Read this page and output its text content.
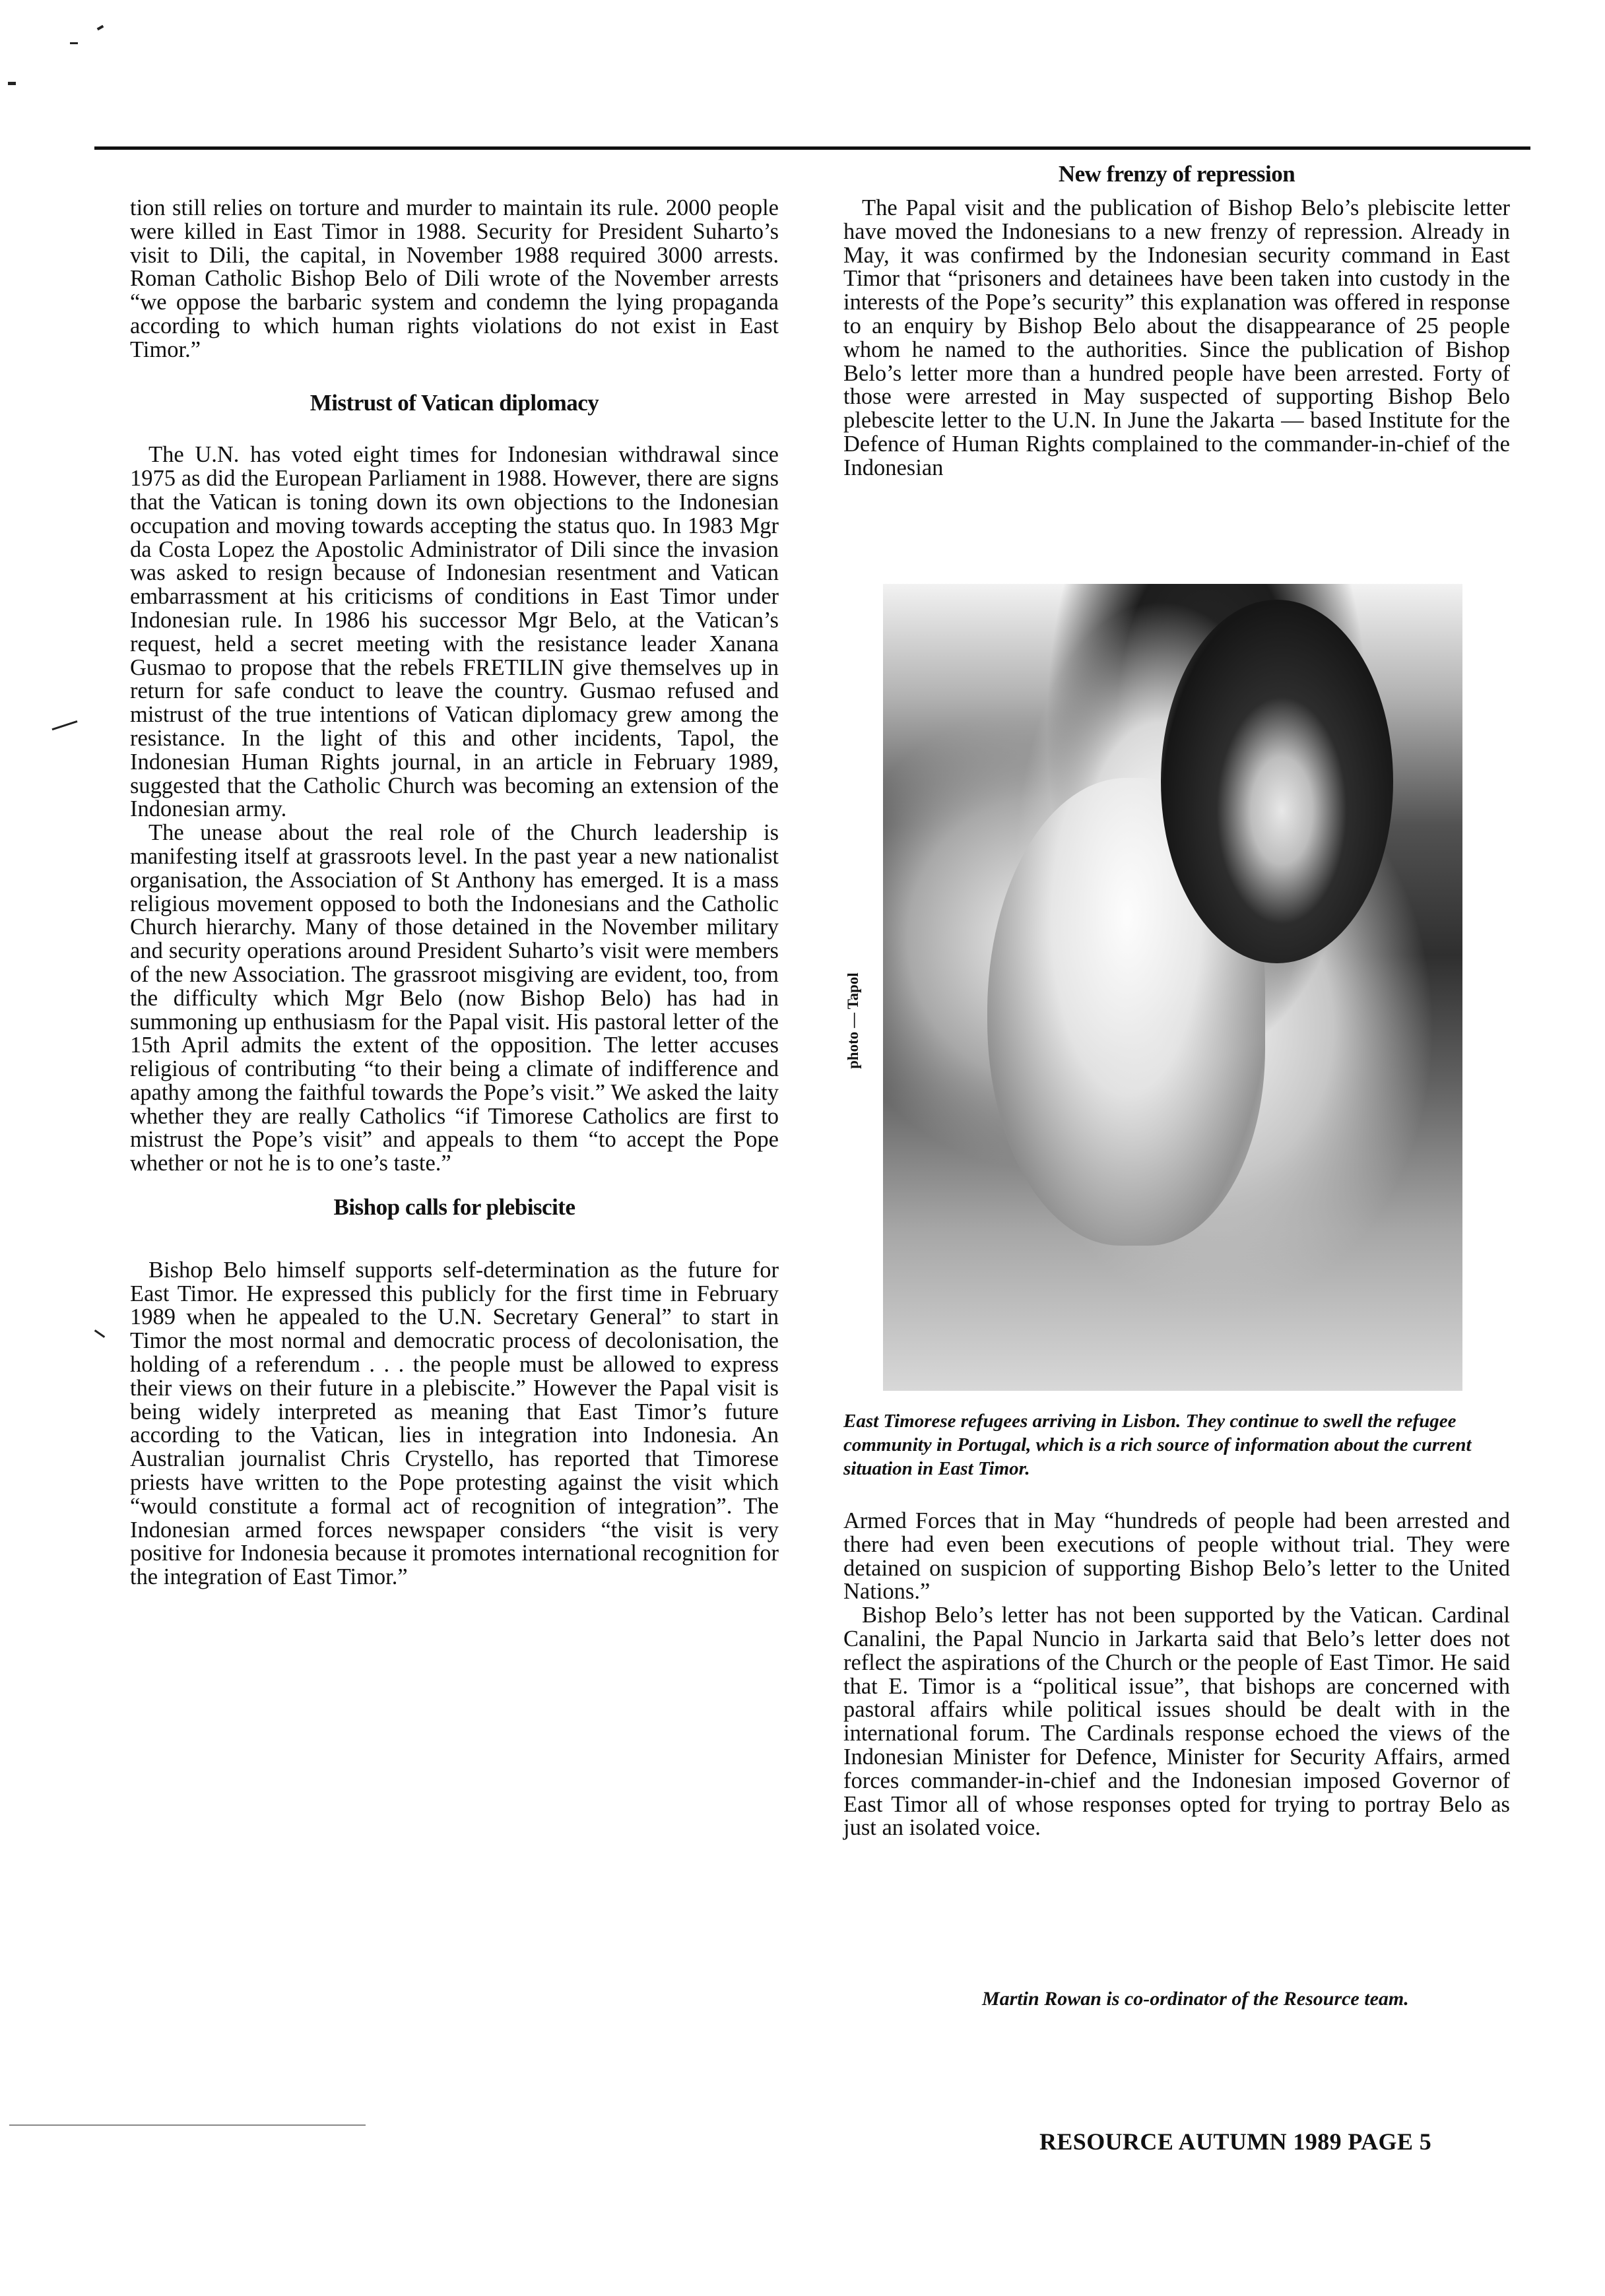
tion still relies on torture and murder to maintain its rule. 2000 people were killed in East Timor in 1988. Security for President Suharto’s visit to Dili, the capital, in November 1988 required 3000 arrests. Roman Catholic Bishop Belo of Dili wrote of the November arrests “we oppose the barbaric system and condemn the lying propaganda according to which human rights violations do not exist in East Timor.”

Mistrust of Vatican diplomacy

The U.N. has voted eight times for Indonesian withdrawal since 1975 as did the European Parliament in 1988. However, there are signs that the Vatican is toning down its own objections to the Indonesian occupation and moving towards accepting the status quo. In 1983 Mgr da Costa Lopez the Apostolic Administrator of Dili since the invasion was asked to resign because of Indonesian resentment and Vatican embarrassment at his criticisms of conditions in East Timor under Indonesian rule. In 1986 his successor Mgr Belo, at the Vatican’s request, held a secret meeting with the resistance leader Xanana Gusmao to propose that the rebels FRETILIN give themselves up in return for safe conduct to leave the country. Gusmao refused and mistrust of the true intentions of Vatican diplomacy grew among the resistance. In the light of this and other incidents, Tapol, the Indonesian Human Rights journal, in an article in February 1989, suggested that the Catholic Church was becoming an extension of the Indonesian army.

The unease about the real role of the Church leadership is manifesting itself at grassroots level. In the past year a new nationalist organisation, the Association of St Anthony has emerged. It is a mass religious movement opposed to both the Indonesians and the Catholic Church hierarchy. Many of those detained in the November military and security operations around President Suharto’s visit were members of the new Association. The grassroot misgiving are evident, too, from the difficulty which Mgr Belo (now Bishop Belo) has had in summoning up enthusiasm for the Papal visit. His pastoral letter of the 15th April admits the extent of the opposition. The letter accuses religious of contributing “to their being a climate of indifference and apathy among the faithful towards the Pope’s visit.” We asked the laity whether they are really Catholics “if Timorese Catholics are first to mistrust the Pope’s visit” and appeals to them “to accept the Pope whether or not he is to one’s taste.”

Bishop calls for plebiscite

Bishop Belo himself supports self-determination as the future for East Timor. He expressed this publicly for the first time in February 1989 when he appealed to the U.N. Secretary General” to start in Timor the most normal and democratic process of decolonisation, the holding of a referendum . . . the people must be allowed to express their views on their future in a plebiscite.” However the Papal visit is being widely interpreted as meaning that East Timor’s future according to the Vatican, lies in integration into Indonesia. An Australian journalist Chris Crystello, has reported that Timorese priests have written to the Pope protesting against the visit which “would constitute a formal act of recognition of integration”. The Indonesian armed forces newspaper considers “the visit is very positive for Indonesia because it promotes international recognition for the integration of East Timor.”

New frenzy of repression

The Papal visit and the publication of Bishop Belo’s plebiscite letter have moved the Indonesians to a new frenzy of repression. Already in May, it was confirmed by the Indonesian security command in East Timor that “prisoners and detainees have been taken into custody in the interests of the Pope’s security” this explanation was offered in response to an enquiry by Bishop Belo about the disappearance of 25 people whom he named to the authorities. Since the publication of Bishop Belo’s letter more than a hundred people have been arrested. Forty of those were arrested in May suspected of supporting Bishop Belo plebescite letter to the U.N. In June the Jakarta — based Institute for the Defence of Human Rights complained to the commander-in-chief of the Indonesian

photo — Tapol
East Timorese refugees arriving in Lisbon. They continue to swell the refugee community in Portugal, which is a rich source of information about the current situation in East Timor.

Armed Forces that in May “hundreds of people had been arrested and there had even been executions of people without trial. They were detained on suspicion of supporting Bishop Belo’s letter to the United Nations.”

Bishop Belo’s letter has not been supported by the Vatican. Cardinal Canalini, the Papal Nuncio in Jarkarta said that Belo’s letter does not reflect the aspirations of the Church or the people of East Timor. He said that E. Timor is a “political issue”, that bishops are concerned with pastoral affairs while political issues should be dealt with in the international forum. The Cardinals response echoed the views of the Indonesian Minister for Defence, Minister for Security Affairs, armed forces commander-in-chief and the Indonesian imposed Governor of East Timor all of whose responses opted for trying to portray Belo as just an isolated voice.

Martin Rowan is co-ordinator of the Resource team.
RESOURCE AUTUMN 1989 PAGE 5
